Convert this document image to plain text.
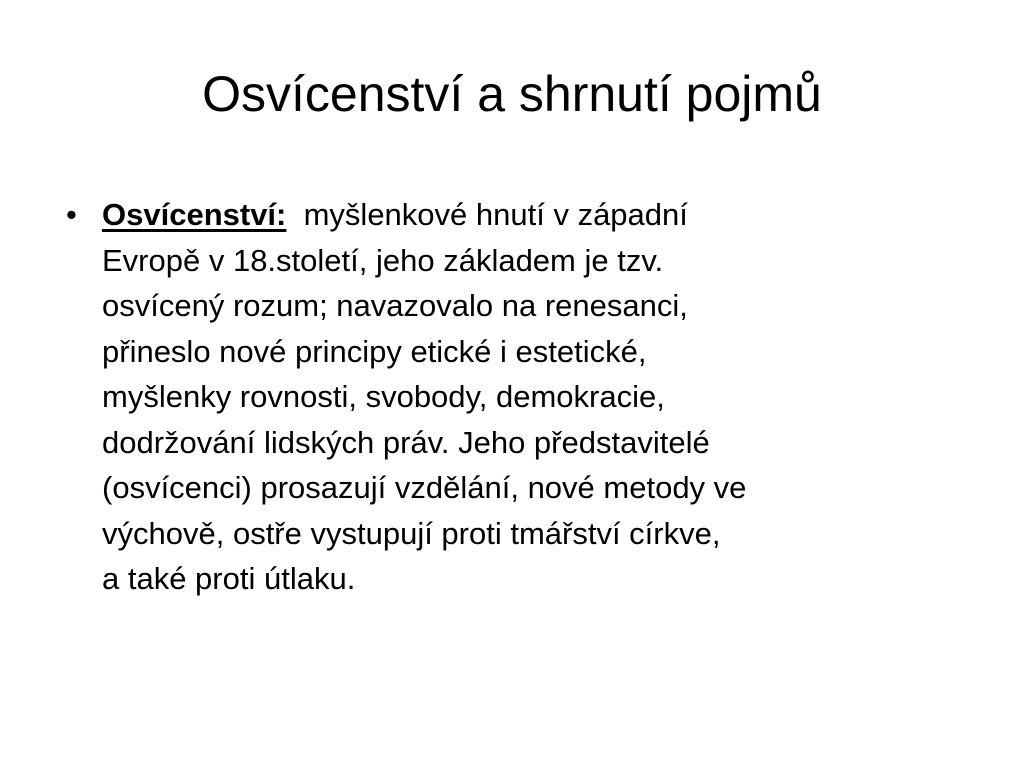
Osvícenství a shrnutí pojmů
• Osvícenství: myšlenkové hnutí v západní
Evropě v 18.století, jeho základem je tzv.
osvícený rozum; navazovalo na renesanci,
přineslo nové principy etické i estetické,
myšlenky rovnosti, svobody, demokracie,
dodržování lidských práv. Jeho představitelé
(osvícenci) prosazují vzdělání, nové metody ve
výchově, ostře vystupují proti tmářství církve,
a také proti útlaku.
